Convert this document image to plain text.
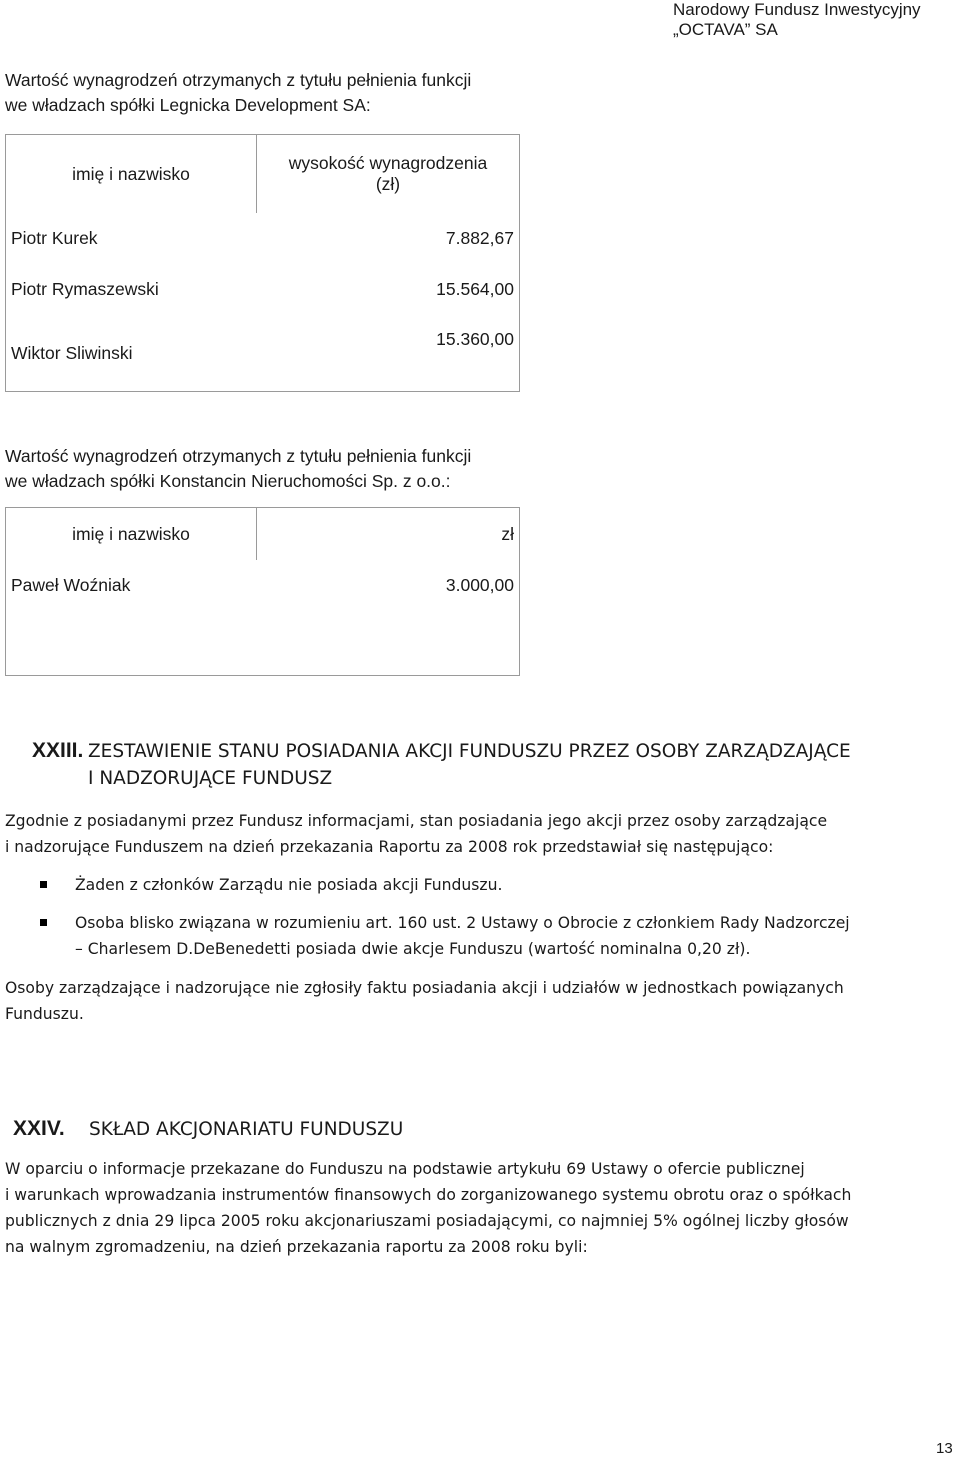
Narodowy Fundusz Inwestycyjny „OCTAVA” SA
Wartość wynagrodzeń otrzymanych z tytułu pełnienia funkcji
we władzach spółki Legnicka Development SA:
imię i nazwisko	wysokość wynagrodzenia
(zł)

Piotr Kurek	7.882,67
Piotr Rymaszewski	15.564,00
Wiktor Sliwinski	15.360,00
Wartość wynagrodzeń otrzymanych z tytułu pełnienia funkcji
we władzach spółki Konstancin Nieruchomości Sp. z o.o.:
imię i nazwisko	zł
Paweł Woźniak	3.000,00
XXIII. ZESTAWIENIE STANU POSIADANIA AKCJI FUNDUSZU PRZEZ OSOBY ZARZĄDZAJĄCE
I NADZORUJĄCE FUNDUSZ
Zgodnie z posiadanymi przez Fundusz informacjami, stan posiadania jego akcji przez osoby zarządzające
i nadzorujące Funduszem na dzień przekazania Raportu za 2008 rok przedstawiał się następująco:
Żaden z członków Zarządu nie posiada akcji Funduszu.
Osoba blisko związana w rozumieniu art. 160 ust. 2 Ustawy o Obrocie z członkiem Rady Nadzorczej
– Charlesem D.DeBenedetti posiada dwie akcje Funduszu (wartość nominalna 0,20 zł).
Osoby zarządzające i nadzorujące nie zgłosiły faktu posiadania akcji i udziałów w jednostkach powiązanych
Funduszu.
XXIV. SKŁAD AKCJONARIATU FUNDUSZU
W oparciu o informacje przekazane do Funduszu na podstawie artykułu 69 Ustawy o ofercie publicznej
i warunkach wprowadzania instrumentów finansowych do zorganizowanego systemu obrotu oraz o spółkach
publicznych z dnia 29 lipca 2005 roku akcjonariuszami posiadającymi, co najmniej 5% ogólnej liczby głosów
na walnym zgromadzeniu, na dzień przekazania raportu za 2008 roku byli:
13
